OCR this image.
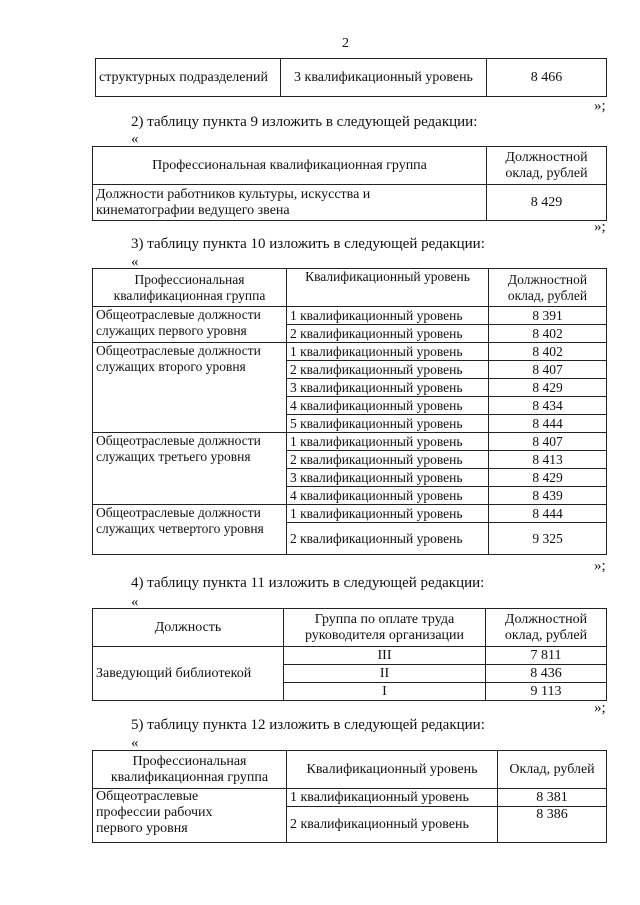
2
структурных подразделений	3 квалификационный уровень	8 466
»;
2) таблицу пункта 9 изложить в следующей редакции:
«
Профессиональная квалификационная группа	Должностной оклад, рублей
Должности работников культуры, искусства и кинематографии ведущего звена	8 429
»;
3) таблицу пункта 10 изложить в следующей редакции:
«
Профессиональная квалификационная группа	Квалификационный уровень	Должностной оклад, рублей
Общеотраслевые должности служащих первого уровня	1 квалификационный уровень	8 391
	2 квалификационный уровень	8 402
Общеотраслевые должности служащих второго уровня	1 квалификационный уровень	8 402
	2 квалификационный уровень	8 407
	3 квалификационный уровень	8 429
	4 квалификационный уровень	8 434
	5 квалификационный уровень	8 444
Общеотраслевые должности служащих третьего уровня	1 квалификационный уровень	8 407
	2 квалификационный уровень	8 413
	3 квалификационный уровень	8 429
	4 квалификационный уровень	8 439
Общеотраслевые должности служащих четвертого уровня	1 квалификационный уровень	8 444
	2 квалификационный уровень	9 325
»;
4) таблицу пункта 11 изложить в следующей редакции:
«
Должность	Группа по оплате труда руководителя организации	Должностной оклад, рублей
Заведующий библиотекой	III	7 811
	II	8 436
	I	9 113
»;
5) таблицу пункта 12 изложить в следующей редакции:
«
Профессиональная квалификационная группа	Квалификационный уровень	Оклад, рублей
Общеотраслевые профессии рабочих первого уровня	1 квалификационный уровень	8 381
	2 квалификационный уровень	8 386
